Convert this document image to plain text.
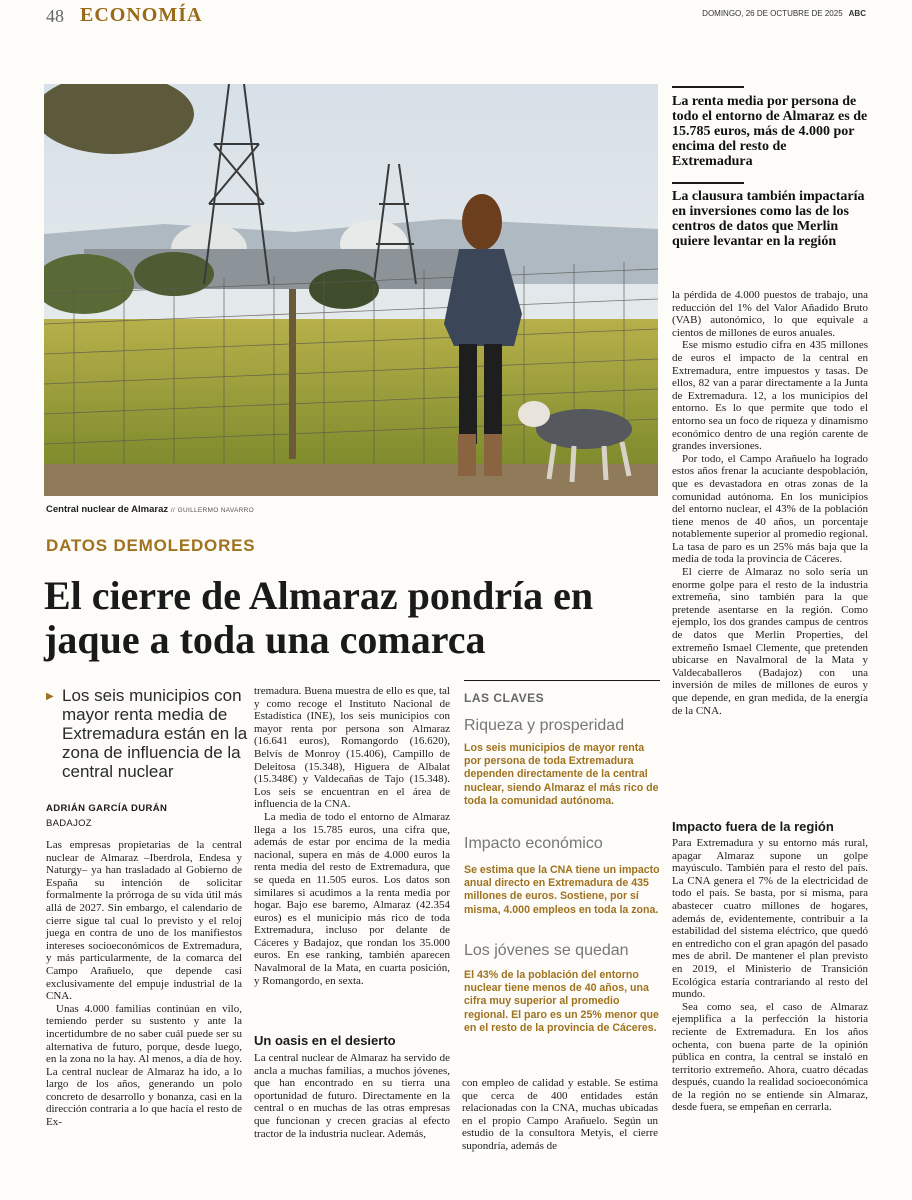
48 ECONOMÍA	DOMINGO, 26 DE OCTUBRE DE 2025 ABC
Central nuclear de Almaraz // GUILLERMO NAVARRO
La renta media por persona de todo el entorno de Almaraz es de 15.785 euros, más de 4.000 por encima del resto de Extremadura
La clausura también impactaría en inversiones como las de los centros de datos que Merlin quiere levantar en la región
DATOS DEMOLEDORES
El cierre de Almaraz pondría en jaque a toda una comarca
▶ Los seis municipios con mayor renta media de Extremadura están en la zona de influencia de la central nuclear
ADRIÁN GARCÍA DURÁN
BADAJOZ

Las empresas propietarias de la central nuclear de Almaraz –Iberdrola, Endesa y Naturgy– ya han trasladado al Gobierno de España su intención de solicitar formalmente la prórroga de su vida útil más allá de 2027. Sin embargo, el calendario de cierre sigue tal cual lo previsto y el reloj juega en contra de uno de los manifiestos intereses socioeconómicos de Extremadura, y más particularmente, de la comarca del Campo Arañuelo, que depende casi exclusivamente del empuje industrial de la CNA.

Unas 4.000 familias continúan en vilo, temiendo perder su sustento y ante la incertidumbre de no saber cuál puede ser su alternativa de futuro, porque, desde luego, en la zona no la hay. Al menos, a día de hoy. La central nuclear de Almaraz ha ido, a lo largo de los años, generando un polo concreto de desarrollo y bonanza, casi en la dirección contraria a lo que hacía el resto de Ex-

tremadura. Buena muestra de ello es que, tal y como recoge el Instituto Nacional de Estadística (INE), los seis municipios con mayor renta por persona son Almaraz (16.641 euros), Romangordo (16.620), Belvís de Monroy (15.406), Campillo de Deleitosa (15.348), Higuera de Albalat (15.348€) y Valdecañas de Tajo (15.348). Los seis se encuentran en el área de influencia de la CNA.

La media de todo el entorno de Almaraz llega a los 15.785 euros, una cifra que, además de estar por encima de la media nacional, supera en más de 4.000 euros la renta media del resto de Extremadura, que se queda en 11.505 euros. Los datos son similares si acudimos a la renta media por hogar. Bajo ese baremo, Almaraz (42.354 euros) es el municipio más rico de toda Extremadura, incluso por delante de Cáceres y Badajoz, que rondan los 35.000 euros. En ese ranking, también aparecen Navalmoral de la Mata, en cuarta posición, y Romangordo, en sexta.

Un oasis en el desierto

La central nuclear de Almaraz ha servido de ancla a muchas familias, a muchos jóvenes, que han encontrado en su tierra una oportunidad de futuro. Directamente en la central o en muchas de las otras empresas que funcionan y crecen gracias al efecto tractor de la industria nuclear. Además,

LAS CLAVES
Riqueza y prosperidad
Los seis municipios de mayor renta por persona de toda Extremadura dependen directamente de la central nuclear, siendo Almaraz el más rico de toda la comunidad autónoma.
Impacto económico
Se estima que la CNA tiene un impacto anual directo en Extremadura de 435 millones de euros. Sostiene, por sí misma, 4.000 empleos en toda la zona.
Los jóvenes se quedan
El 43% de la población del entorno nuclear tiene menos de 40 años, una cifra muy superior al promedio regional. El paro es un 25% menor que en el resto de la provincia de Cáceres.

con empleo de calidad y estable. Se estima que cerca de 400 entidades están relacionadas con la CNA, muchas ubicadas en el propio Campo Arañuelo. Según un estudio de la consultora Metyis, el cierre supondría, además de

la pérdida de 4.000 puestos de trabajo, una reducción del 1% del Valor Añadido Bruto (VAB) autonómico, lo que equivale a cientos de millones de euros anuales.

Ese mismo estudio cifra en 435 millones de euros el impacto de la central en Extremadura, entre impuestos y tasas. De ellos, 82 van a parar directamente a la Junta de Extremadura. 12, a los municipios del entorno. Es lo que permite que todo el entorno sea un foco de riqueza y dinamismo económico dentro de una región carente de grandes inversiones.

Por todo, el Campo Arañuelo ha logrado estos años frenar la acuciante despoblación, que es devastadora en otras zonas de la comunidad autónoma. En los municipios del entorno nuclear, el 43% de la población tiene menos de 40 años, un porcentaje notablemente superior al promedio regional. La tasa de paro es un 25% más baja que la media de toda la provincia de Cáceres.

El cierre de Almaraz no solo sería un enorme golpe para el resto de la industria extremeña, sino también para la que pretende asentarse en la región. Como ejemplo, los dos grandes campus de centros de datos que Merlin Properties, del extremeño Ismael Clemente, que pretenden ubicarse en Navalmoral de la Mata y Valdecaballeros (Badajoz) con una inversión de miles de millones de euros y que depende, en gran medida, de la energía de la CNA.

Impacto fuera de la región

Para Extremadura y su entorno más rural, apagar Almaraz supone un golpe mayúsculo. También para el resto del país. La CNA genera el 7% de la electricidad de todo el país. Se basta, por sí misma, para abastecer cuatro millones de hogares, además de, evidentemente, contribuir a la estabilidad del sistema eléctrico, que quedó en entredicho con el gran apagón del pasado mes de abril. De mantener el plan previsto en 2019, el Ministerio de Transición Ecológica estaría contrariando al resto del mundo.

Sea como sea, el caso de Almaraz ejemplifica a la perfección la historia reciente de Extremadura. En los años ochenta, con buena parte de la opinión pública en contra, la central se instaló en territorio extremeño. Ahora, cuatro décadas después, cuando la realidad socioeconómica de la región no se entiende sin Almaraz, desde fuera, se empeñan en cerrarla.
